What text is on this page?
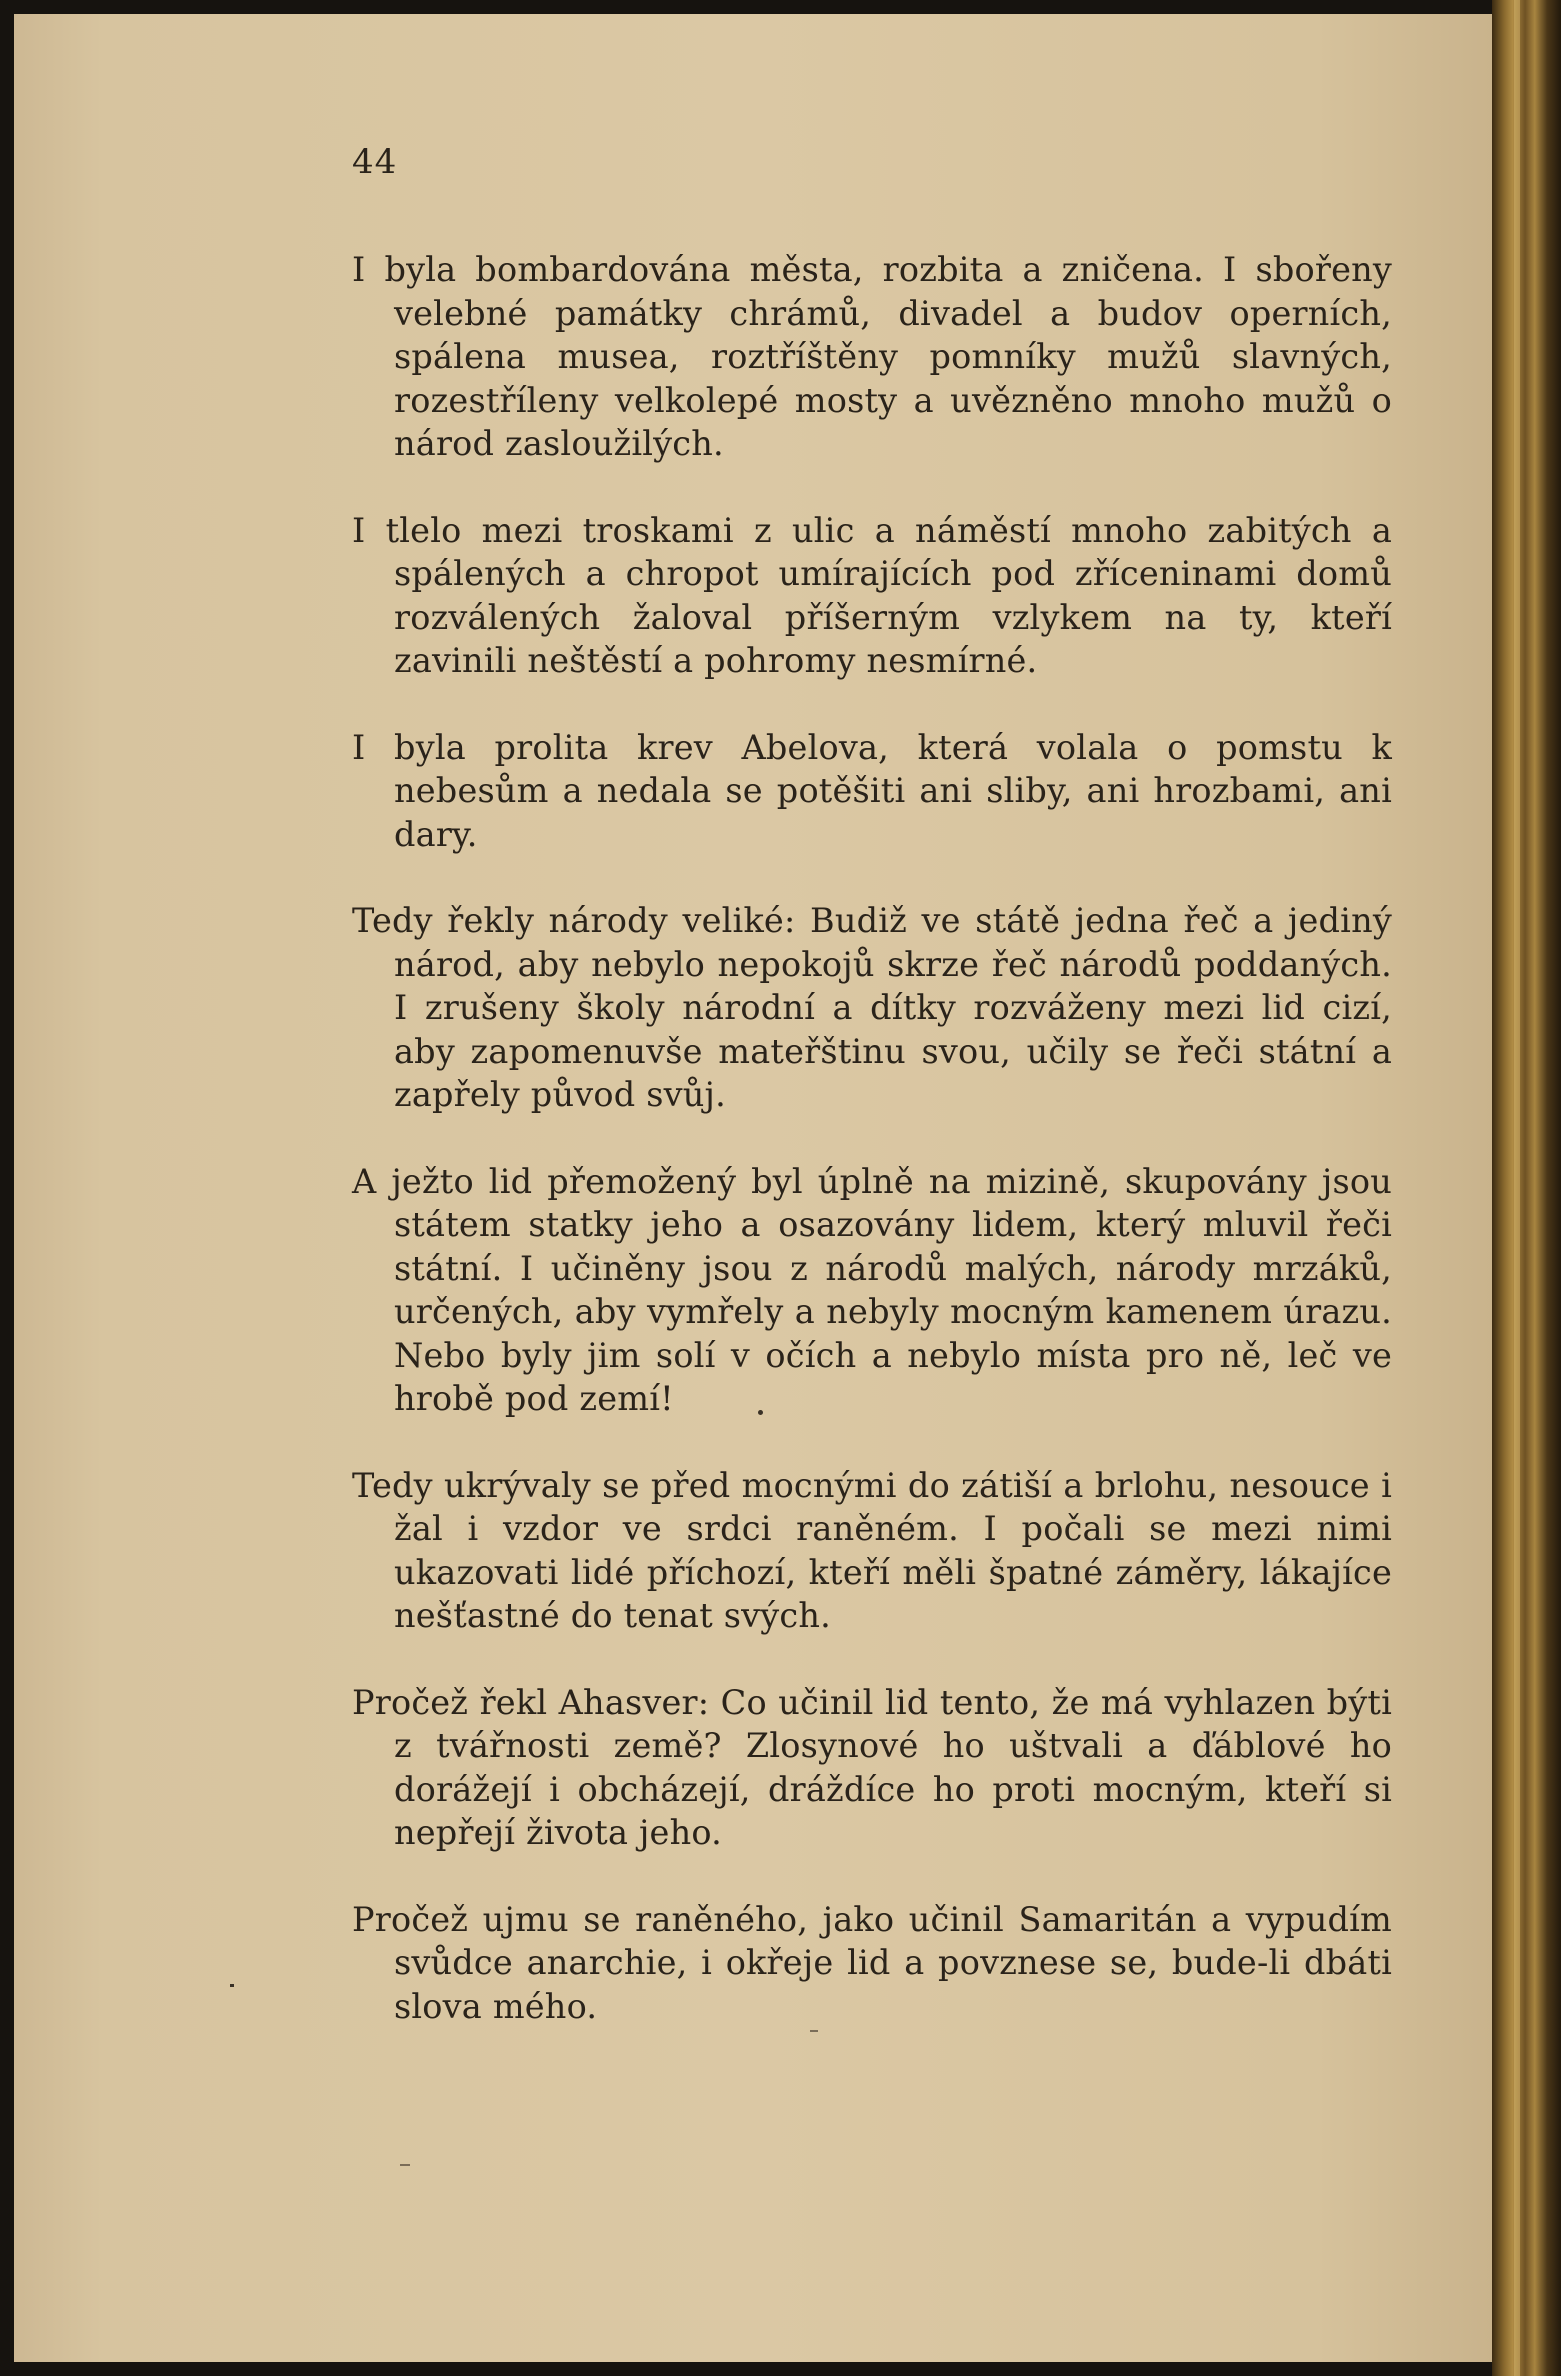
44

I byla bombardována města, rozbita a zničena. I sbořeny velebné památky chrámů, divadel a budov operních, spálena musea, roztříštěny pomníky mužů slavných, rozestříleny velkolepé mosty a uvězněno mnoho mužů o národ zasloužilých.

I tlelo mezi troskami z ulic a náměstí mnoho zabitých a spálených a chropot umírajících pod zříceninami domů rozválených žaloval příšerným vzlykem na ty, kteří zavinili neštěstí a pohromy nesmírné.

I byla prolita krev Abelova, která volala o pomstu k nebesům a nedala se potěšiti ani sliby, ani hrozbami, ani dary.

Tedy řekly národy veliké: Budiž ve státě jedna řeč a jediný národ, aby nebylo nepokojů skrze řeč národů poddaných. I zrušeny školy národní a dítky rozváženy mezi lid cizí, aby zapomenuvše mateřštinu svou, učily se řeči státní a zapřely původ svůj.

A ježto lid přemožený byl úplně na mizině, skupovány jsou státem statky jeho a osazovány lidem, který mluvil řeči státní. I učiněny jsou z národů malých, národy mrzáků, určených, aby vymřely a nebyly mocným kamenem úrazu. Nebo byly jim solí v očích a nebylo místa pro ně, leč ve hrobě pod zemí!

Tedy ukrývaly se před mocnými do zátiší a brlohu, nesouce i žal i vzdor ve srdci raněném. I počali se mezi nimi ukazovati lidé příchozí, kteří měli špatné záměry, lákajíce nešťastné do tenat svých.

Pročež řekl Ahasver: Co učinil lid tento, že má vyhlazen býti z tvářnosti země? Zlosynové ho uštvali a ďáblové ho dorážejí i obcházejí, dráždíce ho proti mocným, kteří si nepřejí života jeho.

Pročež ujmu se raněného, jako učinil Samaritán a vypudím svůdce anarchie, i okřeje lid a povznese se, bude-li dbáti slova mého.
